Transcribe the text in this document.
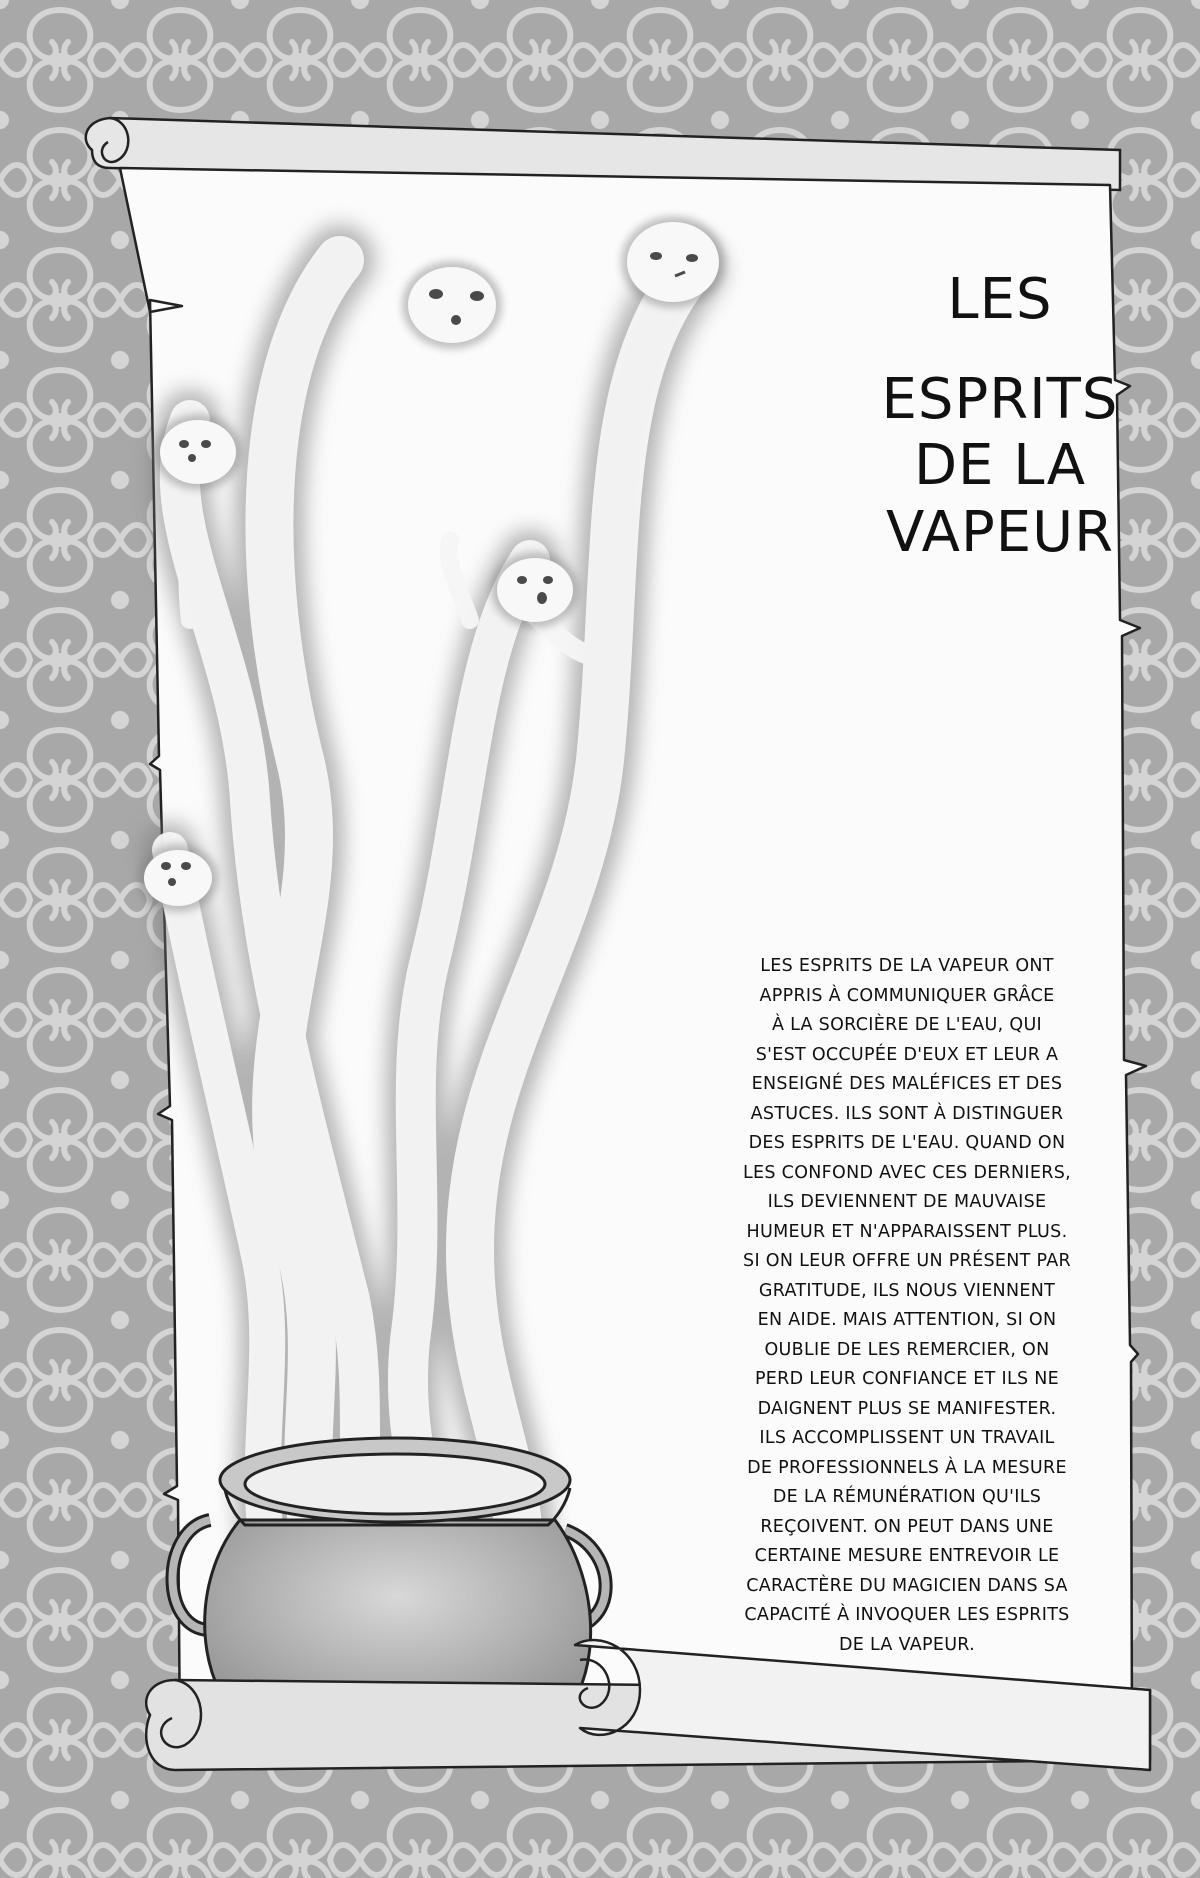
LES
ESPRITS
DE LA
VAPEUR
LES ESPRITS DE LA VAPEUR ONT
APPRIS À COMMUNIQUER GRÂCE
À LA SORCIÈRE DE L'EAU, QUI
S'EST OCCUPÉE D'EUX ET LEUR A
ENSEIGNÉ DES MALÉFICES ET DES
ASTUCES. ILS SONT À DISTINGUER
DES ESPRITS DE L'EAU. QUAND ON
LES CONFOND AVEC CES DERNIERS,
ILS DEVIENNENT DE MAUVAISE
HUMEUR ET N'APPARAISSENT PLUS.
SI ON LEUR OFFRE UN PRÉSENT PAR
GRATITUDE, ILS NOUS VIENNENT
EN AIDE. MAIS ATTENTION, SI ON
OUBLIE DE LES REMERCIER, ON
PERD LEUR CONFIANCE ET ILS NE
DAIGNENT PLUS SE MANIFESTER.
ILS ACCOMPLISSENT UN TRAVAIL
DE PROFESSIONNELS À LA MESURE
DE LA RÉMUNÉRATION QU'ILS
REÇOIVENT. ON PEUT DANS UNE
CERTAINE MESURE ENTREVOIR LE
CARACTÈRE DU MAGICIEN DANS SA
CAPACITÉ À INVOQUER LES ESPRITS
DE LA VAPEUR.
